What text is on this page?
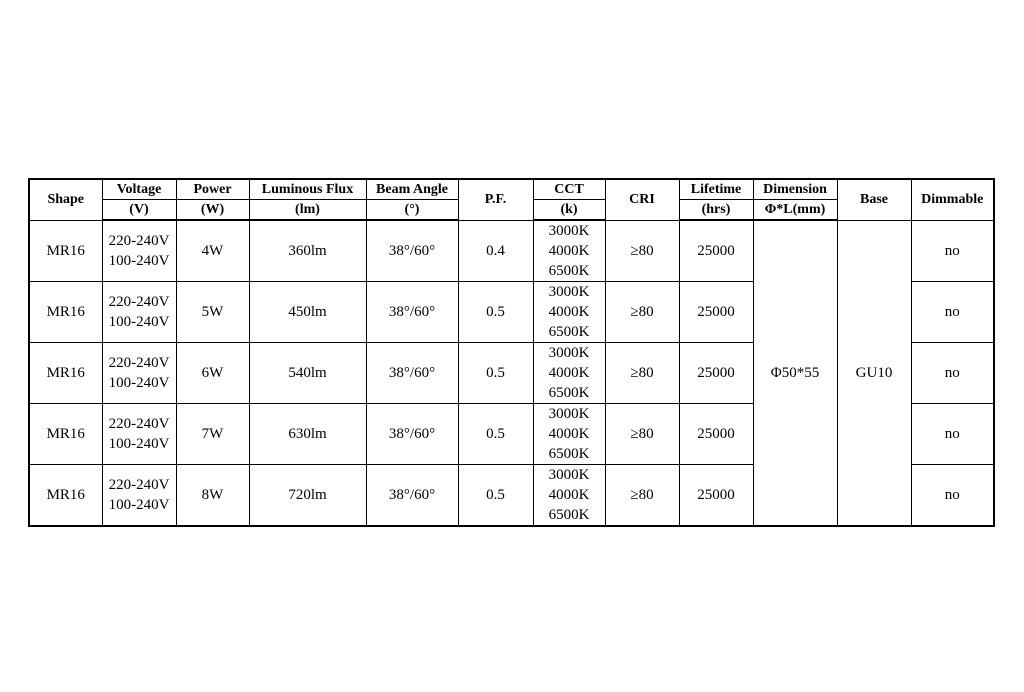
Shape	Voltage	Power	Luminous Flux	Beam Angle	P.F.	CCT	CRI	Lifetime	Dimension	Base	Dimmable
	(V)	(W)	(lm)	(°)		(k)		(hrs)	Φ*L(mm)		
MR16	220-240V
100-240V	4W	360lm	38°/60°	0.4	3000K
4000K
6500K	≥80	25000	Φ50*55	GU10	no
MR16	220-240V
100-240V	5W	450lm	38°/60°	0.5	3000K
4000K
6500K	≥80	25000			no
MR16	220-240V
100-240V	6W	540lm	38°/60°	0.5	3000K
4000K
6500K	≥80	25000			no
MR16	220-240V
100-240V	7W	630lm	38°/60°	0.5	3000K
4000K
6500K	≥80	25000			no
MR16	220-240V
100-240V	8W	720lm	38°/60°	0.5	3000K
4000K
6500K	≥80	25000			no
